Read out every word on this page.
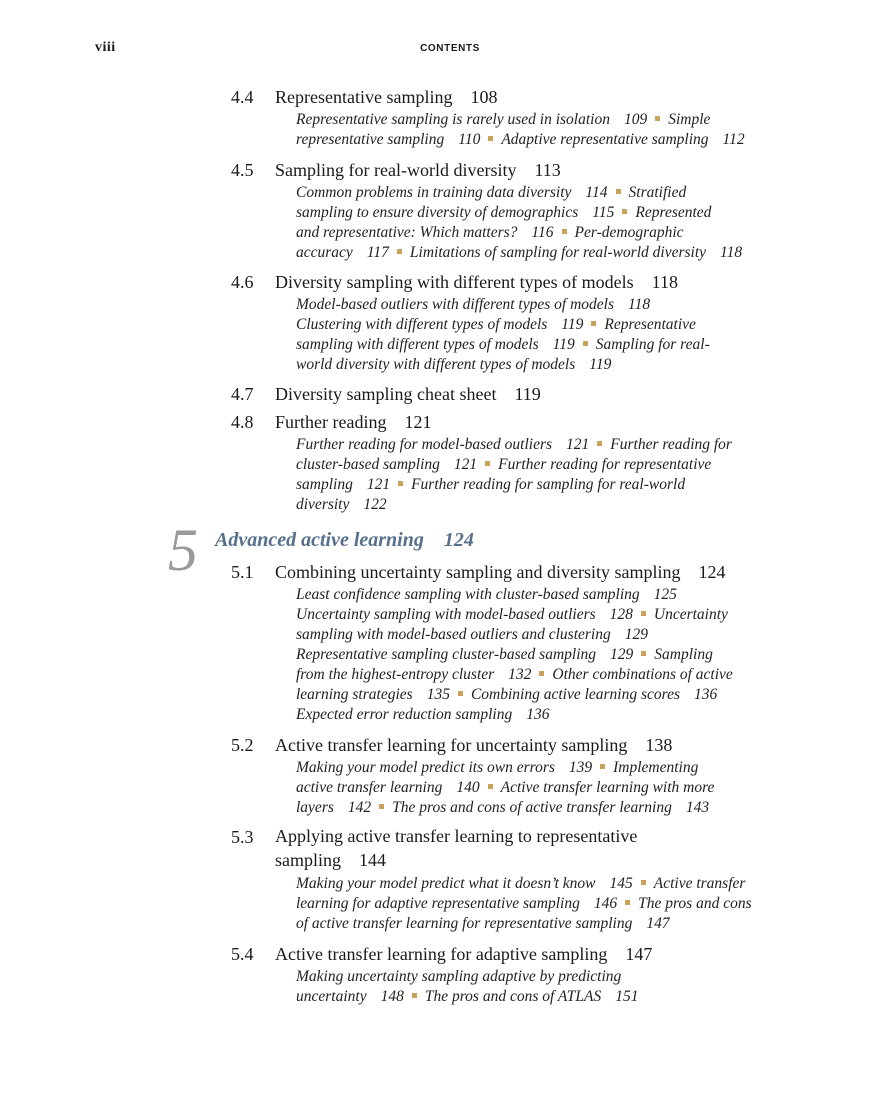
viii	CONTENTS
4.4 Representative sampling 108
Representative sampling is rarely used in isolation 109 Simple
representative sampling 110 Adaptive representative sampling 112
4.5 Sampling for real-world diversity 113
Common problems in training data diversity 114 Stratified
sampling to ensure diversity of demographics 115 Represented
and representative: Which matters? 116 Per-demographic
accuracy 117 Limitations of sampling for real-world diversity 118
4.6 Diversity sampling with different types of models 118
Model-based outliers with different types of models 118
Clustering with different types of models 119 Representative
sampling with different types of models 119 Sampling for real-
world diversity with different types of models 119
4.7 Diversity sampling cheat sheet 119
4.8 Further reading 121
Further reading for model-based outliers 121 Further reading for
cluster-based sampling 121 Further reading for representative
sampling 121 Further reading for sampling for real-world
diversity 122
5 Advanced active learning 124
5.1 Combining uncertainty sampling and diversity sampling 124
Least confidence sampling with cluster-based sampling 125
Uncertainty sampling with model-based outliers 128 Uncertainty
sampling with model-based outliers and clustering 129
Representative sampling cluster-based sampling 129 Sampling
from the highest-entropy cluster 132 Other combinations of active
learning strategies 135 Combining active learning scores 136
Expected error reduction sampling 136
5.2 Active transfer learning for uncertainty sampling 138
Making your model predict its own errors 139 Implementing
active transfer learning 140 Active transfer learning with more
layers 142 The pros and cons of active transfer learning 143
5.3 Applying active transfer learning to representative
sampling 144
Making your model predict what it doesn’t know 145 Active transfer
learning for adaptive representative sampling 146 The pros and cons
of active transfer learning for representative sampling 147
5.4 Active transfer learning for adaptive sampling 147
Making uncertainty sampling adaptive by predicting
uncertainty 148 The pros and cons of ATLAS 151
